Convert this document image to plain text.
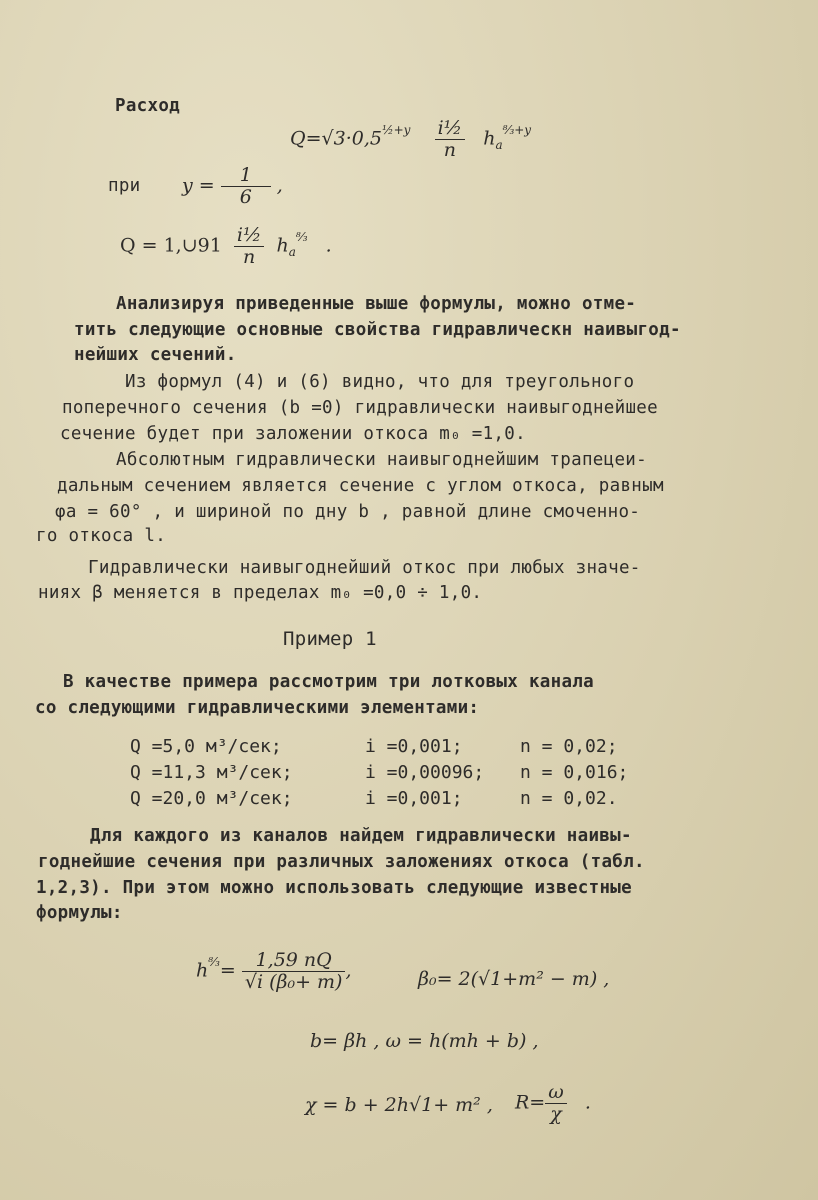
Расход
$Q=√3\cdot 0,5^{\frac{1}{2}+y} \frac{\text{i½}}{n} h_a^{^8⁄_3+y}$
при $y = \frac{1}{6}$ ,
Q = 1,∪91 $\frac{\text{i½}}{n} h_a^{^8⁄_3}$ .
Анализируя приведенные выше формулы, можно отме-
тить следующие основные свойства гидравлическн наивыгод-
нейших сечений.
Из формул (4) и (6) видно, что для треугольного
поперечного сечения (b =0) гидравлически наивыгоднейшее
сечение будет при заложении откоса m₀ =1,0.
Абсолютным гидравлически наивыгоднейшим трапецеи-
дальным сечением является сечение с углом откоса, равным
φa = 60° , и шириной по дну b , равной длине смоченно-
го откоса l.
Гидравлически наивыгоднейший откос при любых значе-
ниях β меняется в пределах m₀ =0,0 ÷ 1,0.
Пример 1
В качестве примера рассмотрим три лотковых канала
со следующими гидравлическими элементами:
Q =5,0 м³/сек;	i =0,001;	n = 0,02;
Q =11,3 м³/сек;	i =0,00096; n = 0,016;
Q =20,0 м³/сек;	i =0,001;	n = 0,02.
Для каждого из каналов найдем гидравлически наивы-
годнейшие сечения при различных заложениях откоса (табл.
1,2,3). При этом можно использовать следующие известные
формулы:
$h^{^8⁄_3}= \frac{1,59 nQ}{\text{√i (β₀+ m)}}$ ,	β₀= 2(√1+m² − m) ,
b= βh , ω = h(mh + b) ,
χ = b + 2h√1+ m² , $R= \frac{\omega}{\chi}$ .
